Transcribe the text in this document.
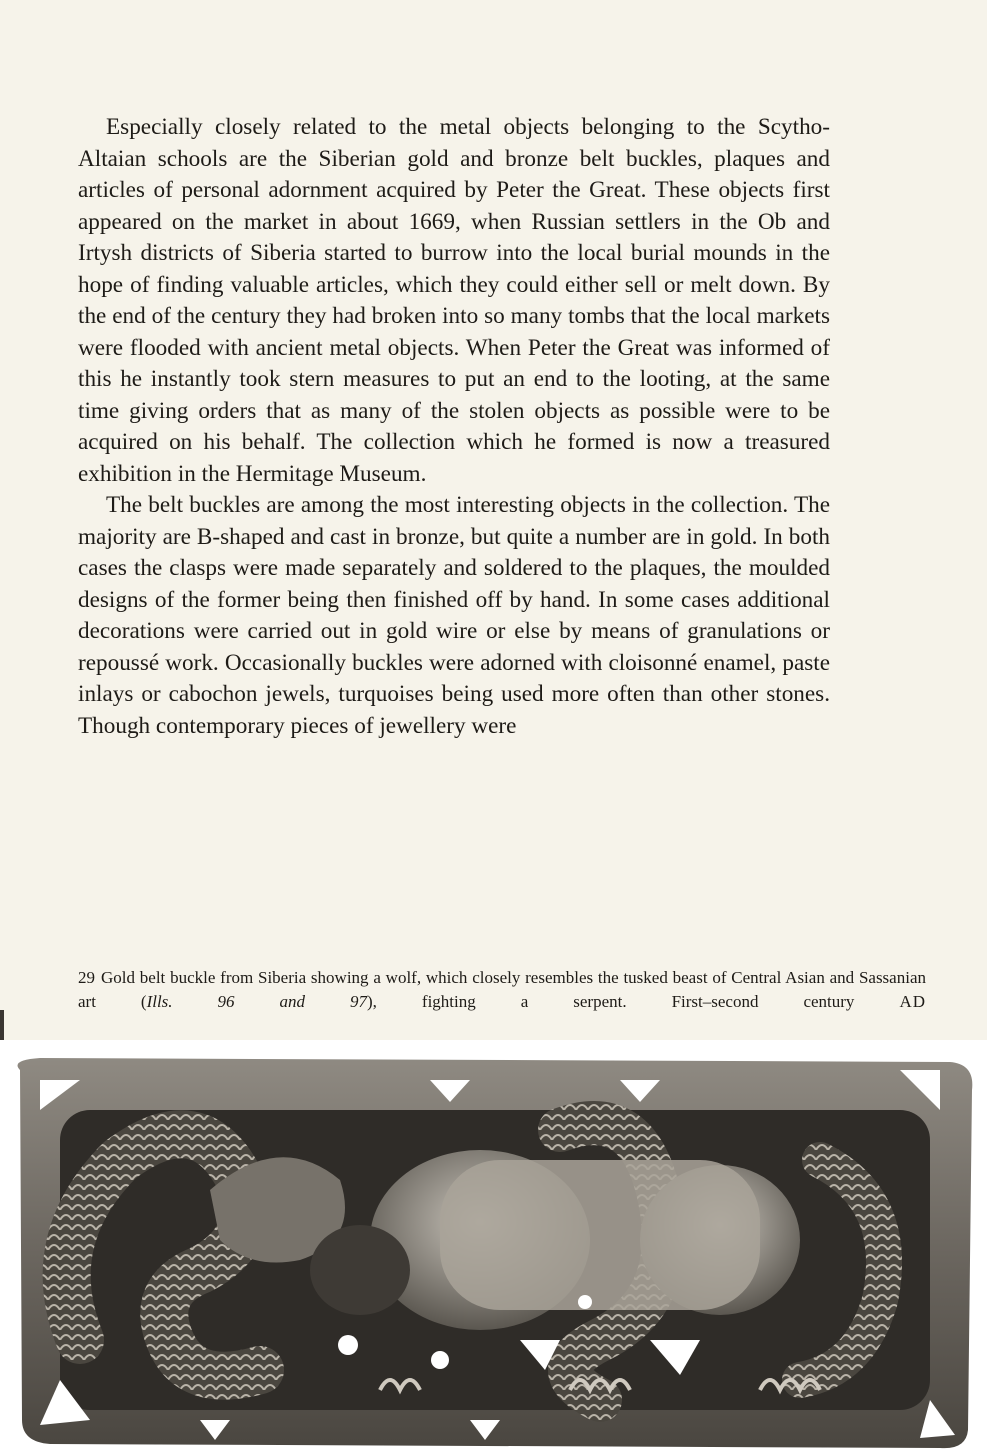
Especially closely related to the metal objects belonging to the Scytho-Altaian schools are the Siberian gold and bronze belt buckles, plaques and articles of personal adornment acquired by Peter the Great. These objects first appeared on the market in about 1669, when Russian settlers in the Ob and Irtysh districts of Siberia started to burrow into the local burial mounds in the hope of finding valuable articles, which they could either sell or melt down. By the end of the century they had broken into so many tombs that the local markets were flooded with ancient metal objects. When Peter the Great was informed of this he instantly took stern measures to put an end to the looting, at the same time giving orders that as many of the stolen objects as possible were to be acquired on his behalf. The collection which he formed is now a treasured exhibition in the Hermitage Museum.

The belt buckles are among the most interesting objects in the collection. The majority are B-shaped and cast in bronze, but quite a number are in gold. In both cases the clasps were made separately and soldered to the plaques, the moulded designs of the former being then finished off by hand. In some cases additional decorations were carried out in gold wire or else by means of granulations or repoussé work. Occasionally buckles were adorned with cloisonné enamel, paste inlays or cabochon jewels, turquoises being used more often than other stones. Though contemporary pieces of jewellery were

29 Gold belt buckle from Siberia showing a wolf, which closely resembles the tusked beast of Central Asian and Sassanian art (Ills. 96 and 97), fighting a serpent. First–second century	AD
